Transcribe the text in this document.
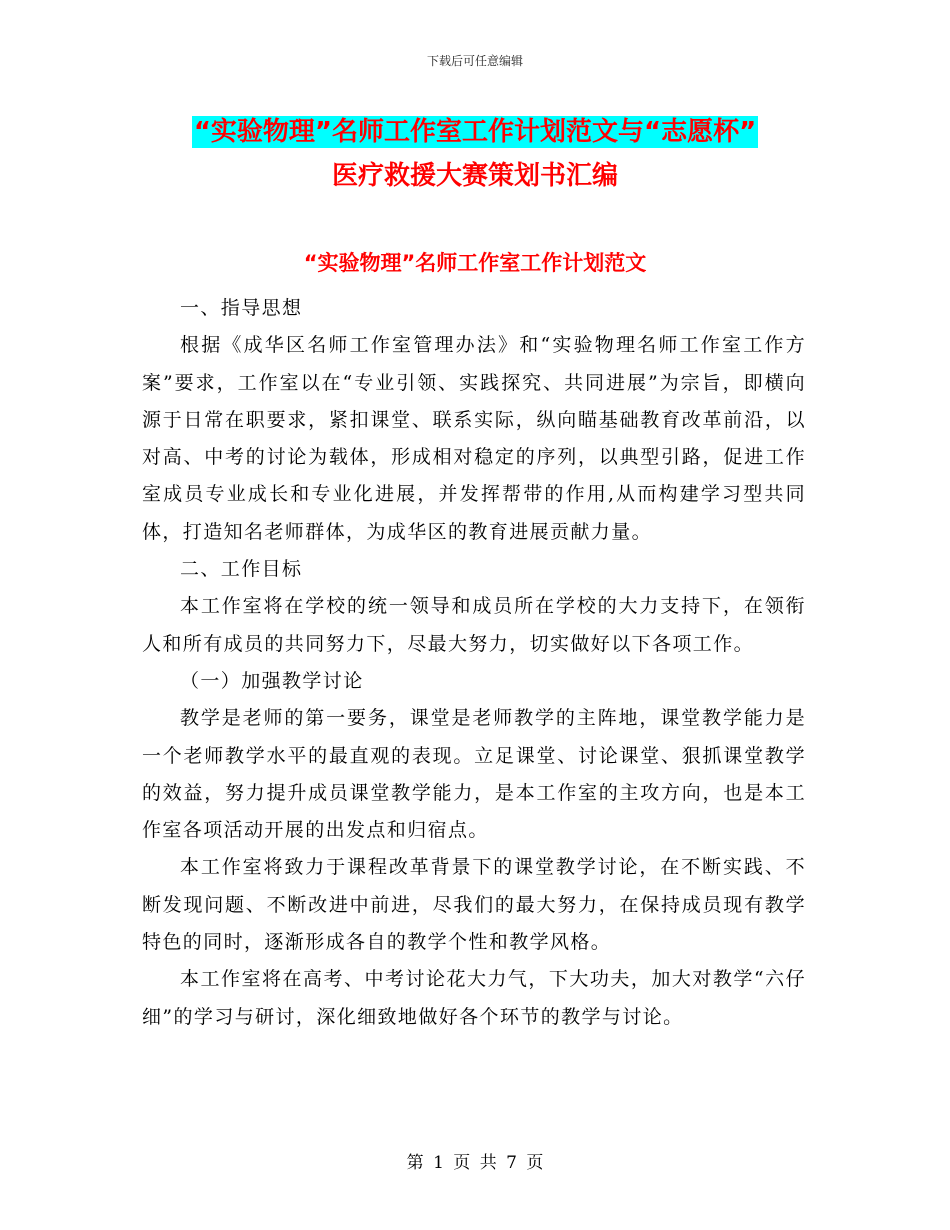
下载后可任意编辑
“实验物理”名师工作室工作计划范文与“志愿杯”
医疗救援大赛策划书汇编
“实验物理”名师工作室工作计划范文

一、指导思想

根据《成华区名师工作室管理办法》和“实验物理名师工作室工作方案”要求，工作室以在“专业引领、实践探究、共同进展”为宗旨，即横向源于日常在职要求，紧扣课堂、联系实际，纵向瞄基础教育改革前沿，以对高、中考的讨论为载体，形成相对稳定的序列，以典型引路，促进工作室成员专业成长和专业化进展，并发挥帮带的作用,从而构建学习型共同体，打造知名老师群体，为成华区的教育进展贡献力量。

二、工作目标

本工作室将在学校的统一领导和成员所在学校的大力支持下，在领衔人和所有成员的共同努力下，尽最大努力，切实做好以下各项工作。

（一）加强教学讨论

教学是老师的第一要务，课堂是老师教学的主阵地，课堂教学能力是一个老师教学水平的最直观的表现。立足课堂、讨论课堂、狠抓课堂教学的效益，努力提升成员课堂教学能力，是本工作室的主攻方向，也是本工作室各项活动开展的出发点和归宿点。

本工作室将致力于课程改革背景下的课堂教学讨论，在不断实践、不断发现问题、不断改进中前进，尽我们的最大努力，在保持成员现有教学特色的同时，逐渐形成各自的教学个性和教学风格。

本工作室将在高考、中考讨论花大力气，下大功夫，加大对教学“六仔细”的学习与研讨，深化细致地做好各个环节的教学与讨论。

第 1 页 共 7 页
